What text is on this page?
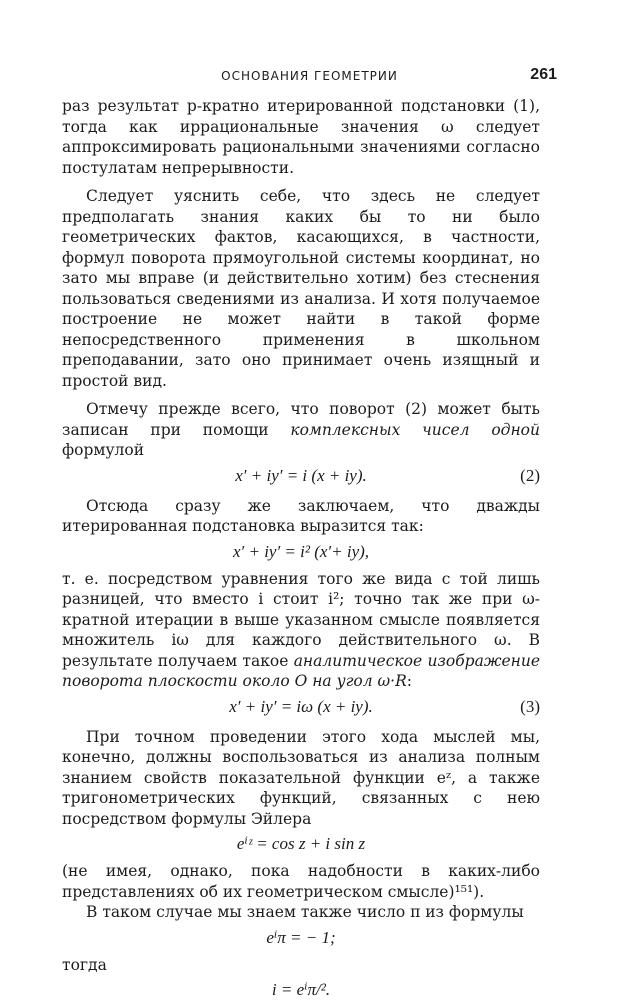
ОСНОВАНИЯ ГЕОМЕТРИИ	261

раз результат p-кратно итерированной подстановки (1), тогда как иррациональные значения ω следует аппроксимировать рациональными значениями согласно постулатам непрерывности.

Следует уяснить себе, что здесь не следует предполагать знания каких бы то ни было геометрических фактов, касающихся, в частности, формул поворота прямоугольной системы координат, но зато мы вправе (и действительно хотим) без стеснения пользоваться сведениями из анализа. И хотя получаемое построение не может найти в такой форме непосредственного применения в школьном преподавании, зато оно принимает очень изящный и простой вид.

Отмечу прежде всего, что поворот (2) может быть записан при помощи комплексных чисел одной формулой

x′ + iy′ = i (x + iy).	(2)

Отсюда сразу же заключаем, что дважды итерированная подстановка выразится так:

x′ + iy′ = i² (x′+ iy),

т. е. посредством уравнения того же вида с той лишь разницей, что вместо i стоит i²; точно так же при ω-кратной итерации в выше указанном смысле появляется множитель iω для каждого действительного ω. В результате получаем такое аналитическое изображение поворота плоскости около O на угол ω·R:

x′ + iy′ = iω (x + iy).	(3)

При точном проведении этого хода мыслей мы, конечно, должны воспользоваться из анализа полным знанием свойств показательной функции eᶻ, а также тригонометрических функций, связанных с нею посредством формулы Эйлера

eⁱᶻ = cos z + i sin z

(не имея, однако, пока надобности в каких-либо представлениях об их геометрическом смысле)¹⁵¹).

В таком случае мы знаем также число π из формулы

eⁱπ = − 1;

тогда

i = eⁱπ/².
